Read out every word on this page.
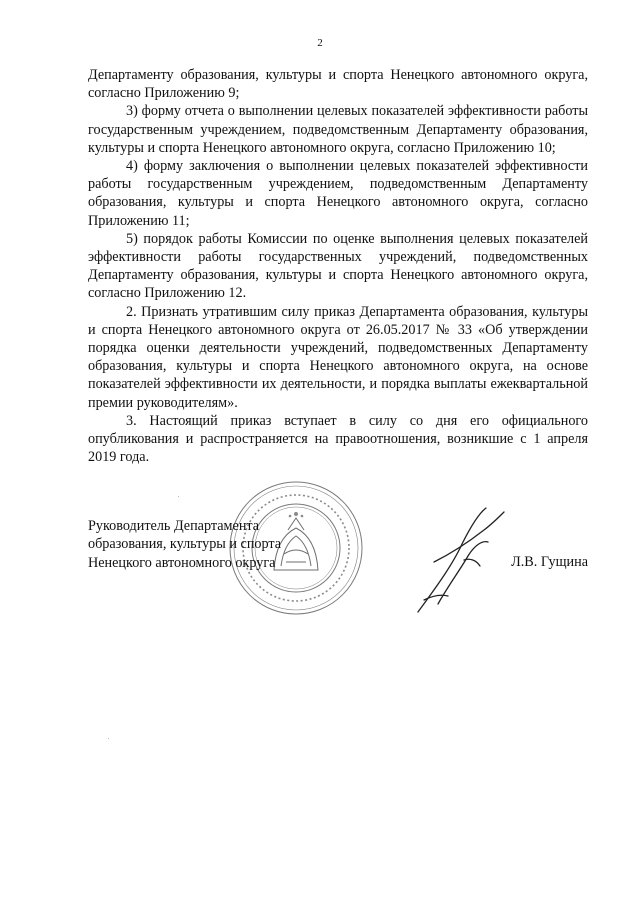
2

Департаменту образования, культуры и спорта Ненецкого автономного округа, согласно Приложению 9;

3) форму отчета о выполнении целевых показателей эффективности работы государственным учреждением, подведомственным Департаменту образования, культуры и спорта Ненецкого автономного округа, согласно Приложению 10;

4) форму заключения о выполнении целевых показателей эффективности работы государственным учреждением, подведомственным Департаменту образования, культуры и спорта Ненецкого автономного округа, согласно Приложению 11;

5) порядок работы Комиссии по оценке выполнения целевых показателей эффективности работы государственных учреждений, подведомственных Департаменту образования, культуры и спорта Ненецкого автономного округа, согласно Приложению 12.

2. Признать утратившим силу приказ Департамента образования, культуры и спорта Ненецкого автономного округа от 26.05.2017 № 33 «Об утверждении порядка оценки деятельности учреждений, подведомственных Департаменту образования, культуры и спорта Ненецкого автономного округа, на основе показателей эффективности их деятельности, и порядка выплаты ежеквартальной премии руководителям».

3. Настоящий приказ вступает в силу со дня его официального опубликования и распространяется на правоотношения, возникшие с 1 апреля 2019 года.

Руководитель Департамента
образования, культуры и спорта
Ненецкого автономного округа	Л.В. Гущина
